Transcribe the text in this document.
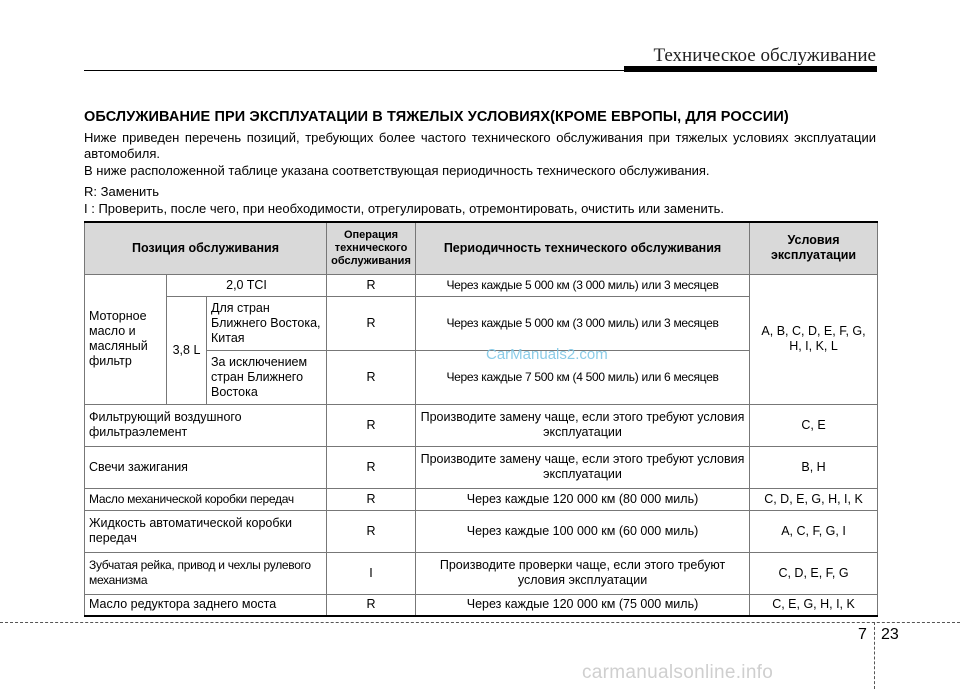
Техническое обслуживание
ОБСЛУЖИВАНИЕ ПРИ ЭКСПЛУАТАЦИИ В ТЯЖЕЛЫХ УСЛОВИЯХ(КРОМЕ ЕВРОПЫ, ДЛЯ РОССИИ)
Ниже приведен перечень позиций, требующих более частого технического обслуживания при тяжелых условиях эксплуатации автомобиля.
В ниже расположенной таблице указана соответствующая периодичность технического обслуживания.
R: Заменить
I : Проверить, после чего, при необходимости, отрегулировать, отремонтировать, очистить или заменить.
Позиция обслуживания			Операция технического обслуживания	Периодичность технического обслуживания	Условия эксплуатации
Моторное масло и масляный фильтр	2,0 TCI		R	Через каждые 5 000 км (3 000 миль) или 3 месяцев	A, B, C, D, E, F, G, H, I, K, L
	3,8 L	Для стран Ближнего Востока, Китая	R	Через каждые 5 000 км (3 000 миль) или 3 месяцев	
		За исключением стран Ближнего Востока	R	Через каждые 7 500 км (4 500 миль) или 6 месяцев	
Фильтрующий воздушного фильтраэлемент			R	Производите замену чаще, если этого требуют условия эксплуатации	C, E
Свечи зажигания			R	Производите замену чаще, если этого требуют условия эксплуатации	B, H
Масло механической коробки передач			R	Через каждые 120 000 км (80 000 миль)	C, D, E, G, H, I, K
Жидкость автоматической коробки передач			R	Через каждые 100 000 км (60 000 миль)	A, C, F, G, I
Зубчатая рейка, привод и чехлы рулевого механизма			I	Производите проверки чаще, если этого требуют условия эксплуатации	C, D, E, F, G
Масло редуктора заднего моста			R	Через каждые 120 000 км (75 000 миль)	C, E, G, H, I, K
CarManuals2.com
7 23
carmanualsonline.info
